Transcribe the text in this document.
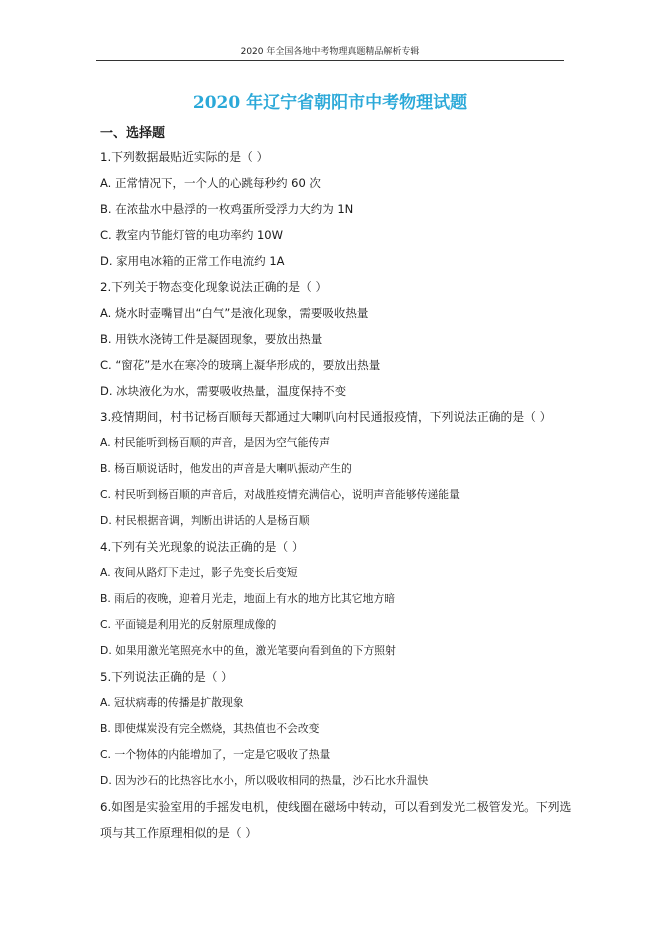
2020 年全国各地中考物理真题精品解析专辑
2020 年辽宁省朝阳市中考物理试题
一、选择题
1.下列数据最贴近实际的是（ ）
A. 正常情况下，一个人的心跳每秒约 60 次
B. 在浓盐水中悬浮的一枚鸡蛋所受浮力大约为 1N
C. 教室内节能灯管的电功率约 10W
D. 家用电冰箱的正常工作电流约 1A
2.下列关于物态变化现象说法正确的是（ ）
A. 烧水时壶嘴冒出“白气”是液化现象，需要吸收热量
B. 用铁水浇铸工件是凝固现象，要放出热量
C. “窗花”是水在寒冷的玻璃上凝华形成的，要放出热量
D. 冰块液化为水，需要吸收热量，温度保持不变
3.疫情期间，村书记杨百顺每天都通过大喇叭向村民通报疫情，下列说法正确的是（ ）
A. 村民能听到杨百顺的声音，是因为空气能传声
B. 杨百顺说话时，他发出的声音是大喇叭振动产生的
C. 村民听到杨百顺的声音后，对战胜疫情充满信心，说明声音能够传递能量
D. 村民根据音调，判断出讲话的人是杨百顺
4.下列有关光现象的说法正确的是（ ）
A. 夜间从路灯下走过，影子先变长后变短
B. 雨后的夜晚，迎着月光走，地面上有水的地方比其它地方暗
C. 平面镜是利用光的反射原理成像的
D. 如果用激光笔照亮水中的鱼，激光笔要向看到鱼的下方照射
5.下列说法正确的是（ ）
A. 冠状病毒的传播是扩散现象
B. 即使煤炭没有完全燃烧，其热值也不会改变
C. 一个物体的内能增加了，一定是它吸收了热量
D. 因为沙石的比热容比水小，所以吸收相同的热量，沙石比水升温快
6.如图是实验室用的手摇发电机，使线圈在磁场中转动，可以看到发光二极管发光。下列选
项与其工作原理相似的是（ ）
